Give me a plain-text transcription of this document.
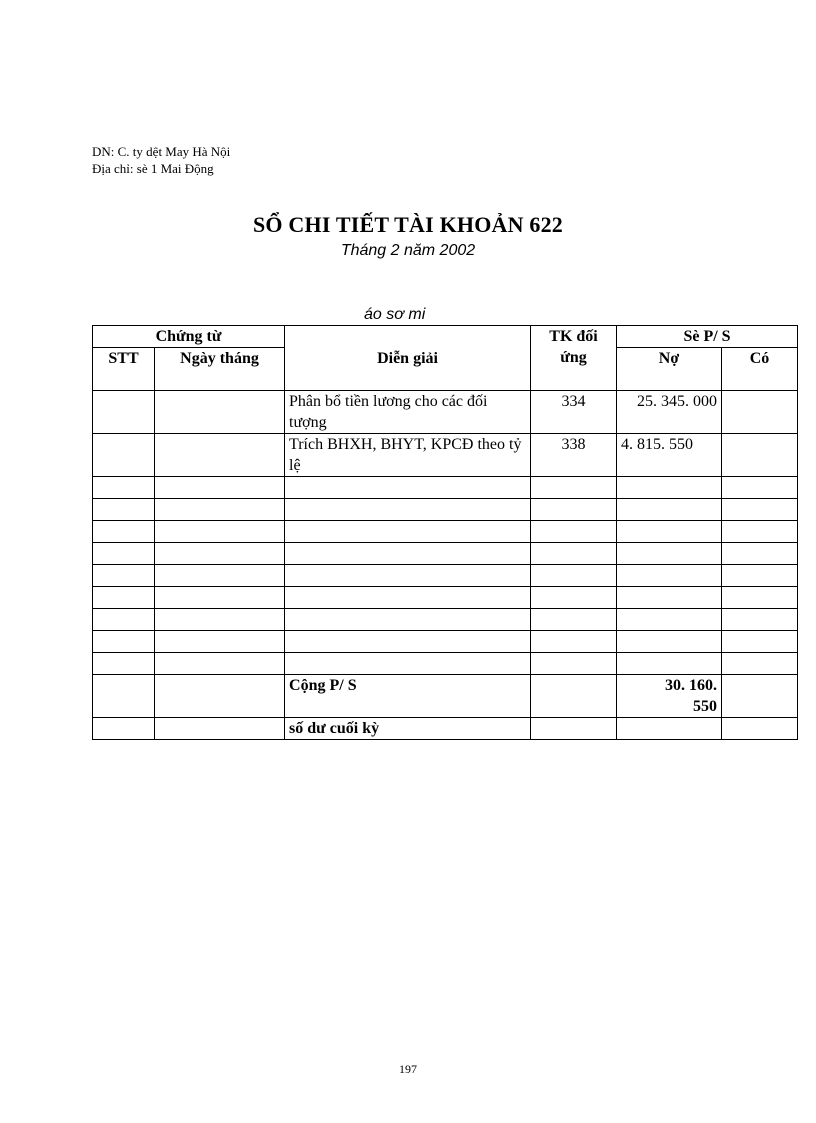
DN: C. ty dệt May Hà Nội
Địa chỉ: sè 1 Mai Động
SỔ CHI TIẾT TÀI KHOẢN 622
Tháng 2 năm 2002
áo sơ mi
Chứng từ		Diễn giải	TK đối ứng	Sè P/ S	
STT	Ngày tháng			Nợ	Có
		Phân bổ tiền lương cho các đối tượng	334	25. 345. 000	
		Trích BHXH, BHYT, KPCĐ theo tỷ lệ	338	4. 815. 550	

		Cộng P/ S		30. 160. 550	
		số dư cuối kỳ			
197
